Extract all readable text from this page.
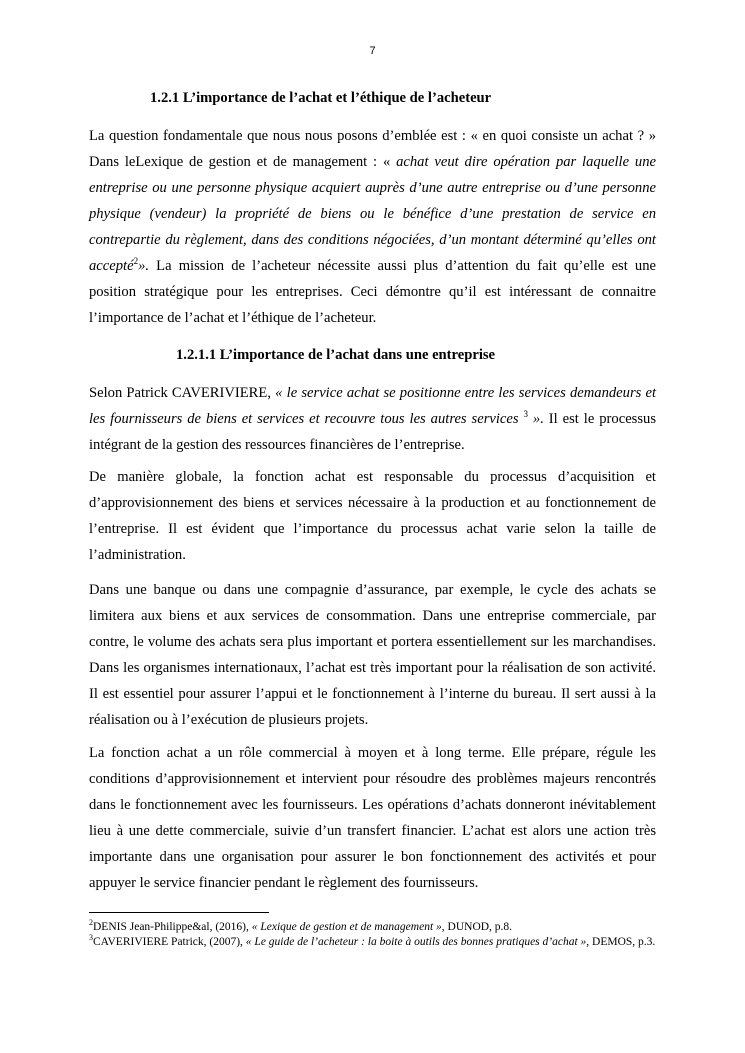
7
1.2.1 L’importance de l’achat et l’éthique de l’acheteur

La question fondamentale que nous nous posons d’emblée est : « en quoi consiste un achat ? » Dans leLexique de gestion et de management : « achat veut dire opération par laquelle une entreprise ou une personne physique acquiert auprès d’une autre entreprise ou d’une personne physique (vendeur) la propriété de biens ou le bénéfice d’une prestation de service en contrepartie du règlement, dans des conditions négociées, d’un montant déterminé qu’elles ont accepté$^2$». La mission de l’acheteur nécessite aussi plus d’attention du fait qu’elle est une position stratégique pour les entreprises. Ceci démontre qu’il est intéressant de connaitre l’importance de l’achat et l’éthique de l’acheteur.

1.2.1.1 L’importance de l’achat dans une entreprise

Selon Patrick CAVERIVIERE, « le service achat se positionne entre les services demandeurs et les fournisseurs de biens et services et recouvre tous les autres services $^3$ ». Il est le processus intégrant de la gestion des ressources financières de l’entreprise.

De manière globale, la fonction achat est responsable du processus d’acquisition et d’approvisionnement des biens et services nécessaire à la production et au fonctionnement de l’entreprise. Il est évident que l’importance du processus achat varie selon la taille de l’administration.

Dans une banque ou dans une compagnie d’assurance, par exemple, le cycle des achats se limitera aux biens et aux services de consommation. Dans une entreprise commerciale, par contre, le volume des achats sera plus important et portera essentiellement sur les marchandises. Dans les organismes internationaux, l’achat est très important pour la réalisation de son activité. Il est essentiel pour assurer l’appui et le fonctionnement à l’interne du bureau. Il sert aussi à la réalisation ou à l’exécution de plusieurs projets.

La fonction achat a un rôle commercial à moyen et à long terme. Elle prépare, régule les conditions d’approvisionnement et intervient pour résoudre des problèmes majeurs rencontrés dans le fonctionnement avec les fournisseurs. Les opérations d’achats donneront inévitablement lieu à une dette commerciale, suivie d’un transfert financier. L’achat est alors une action très importante dans une organisation pour assurer le bon fonctionnement des activités et pour appuyer le service financier pendant le règlement des fournisseurs.

$^2$DENIS Jean-Philippe&al, (2016), « Lexique de gestion et de management », DUNOD, p.8.

$^3$CAVERIVIERE Patrick, (2007), « Le guide de l’acheteur : la boite à outils des bonnes pratiques d’achat », DEMOS, p.3.
